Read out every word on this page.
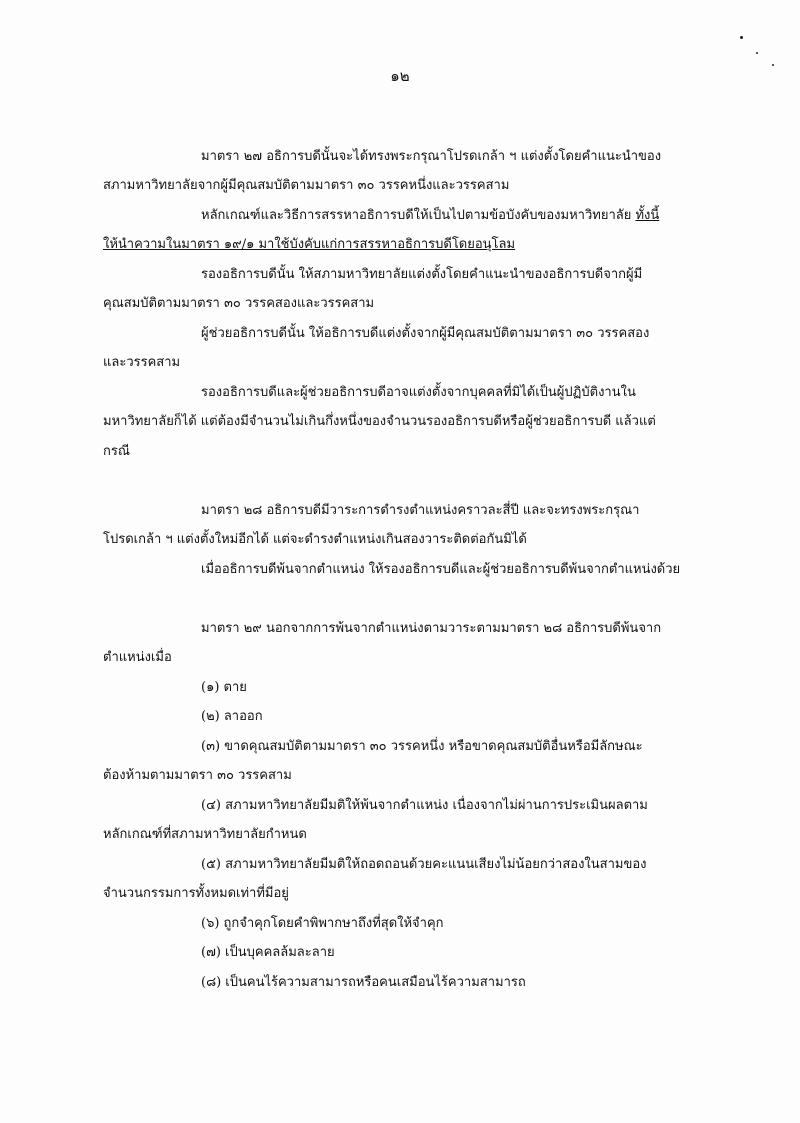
๑๒
มาตรา ๒๗ อธิการบดีนั้นจะได้ทรงพระกรุณาโปรดเกล้า ฯ แต่งตั้งโดยคำแนะนำของ
สภามหาวิทยาลัยจากผู้มีคุณสมบัติตามมาตรา ๓๐ วรรคหนึ่งและวรรคสาม
หลักเกณฑ์และวิธีการสรรหาอธิการบดีให้เป็นไปตามข้อบังคับของมหาวิทยาลัย ทั้งนี้
ให้นำความในมาตรา ๑๙/๑ มาใช้บังคับแก่การสรรหาอธิการบดีโดยอนุโลม
รองอธิการบดีนั้น ให้สภามหาวิทยาลัยแต่งตั้งโดยคำแนะนำของอธิการบดีจากผู้มี
คุณสมบัติตามมาตรา ๓๐ วรรคสองและวรรคสาม
ผู้ช่วยอธิการบดีนั้น ให้อธิการบดีแต่งตั้งจากผู้มีคุณสมบัติตามมาตรา ๓๐ วรรคสอง
และวรรคสาม
รองอธิการบดีและผู้ช่วยอธิการบดีอาจแต่งตั้งจากบุคคลที่มิได้เป็นผู้ปฏิบัติงานใน
มหาวิทยาลัยก็ได้ แต่ต้องมีจำนวนไม่เกินกึ่งหนึ่งของจำนวนรองอธิการบดีหรือผู้ช่วยอธิการบดี แล้วแต่
กรณี
มาตรา ๒๘ อธิการบดีมีวาระการดำรงตำแหน่งคราวละสี่ปี และจะทรงพระกรุณา
โปรดเกล้า ฯ แต่งตั้งใหม่อีกได้ แต่จะดำรงตำแหน่งเกินสองวาระติดต่อกันมิได้
เมื่ออธิการบดีพ้นจากตำแหน่ง ให้รองอธิการบดีและผู้ช่วยอธิการบดีพ้นจากตำแหน่งด้วย
มาตรา ๒๙ นอกจากการพ้นจากตำแหน่งตามวาระตามมาตรา ๒๘ อธิการบดีพ้นจาก
ตำแหน่งเมื่อ
(๑) ตาย
(๒) ลาออก
(๓) ขาดคุณสมบัติตามมาตรา ๓๐ วรรคหนึ่ง หรือขาดคุณสมบัติอื่นหรือมีลักษณะ
ต้องห้ามตามมาตรา ๓๐ วรรคสาม
(๔) สภามหาวิทยาลัยมีมติให้พ้นจากตำแหน่ง เนื่องจากไม่ผ่านการประเมินผลตาม
หลักเกณฑ์ที่สภามหาวิทยาลัยกำหนด
(๕) สภามหาวิทยาลัยมีมติให้ถอดถอนด้วยคะแนนเสียงไม่น้อยกว่าสองในสามของ
จำนวนกรรมการทั้งหมดเท่าที่มีอยู่
(๖) ถูกจำคุกโดยคำพิพากษาถึงที่สุดให้จำคุก
(๗) เป็นบุคคลล้มละลาย
(๘) เป็นคนไร้ความสามารถหรือคนเสมือนไร้ความสามารถ
